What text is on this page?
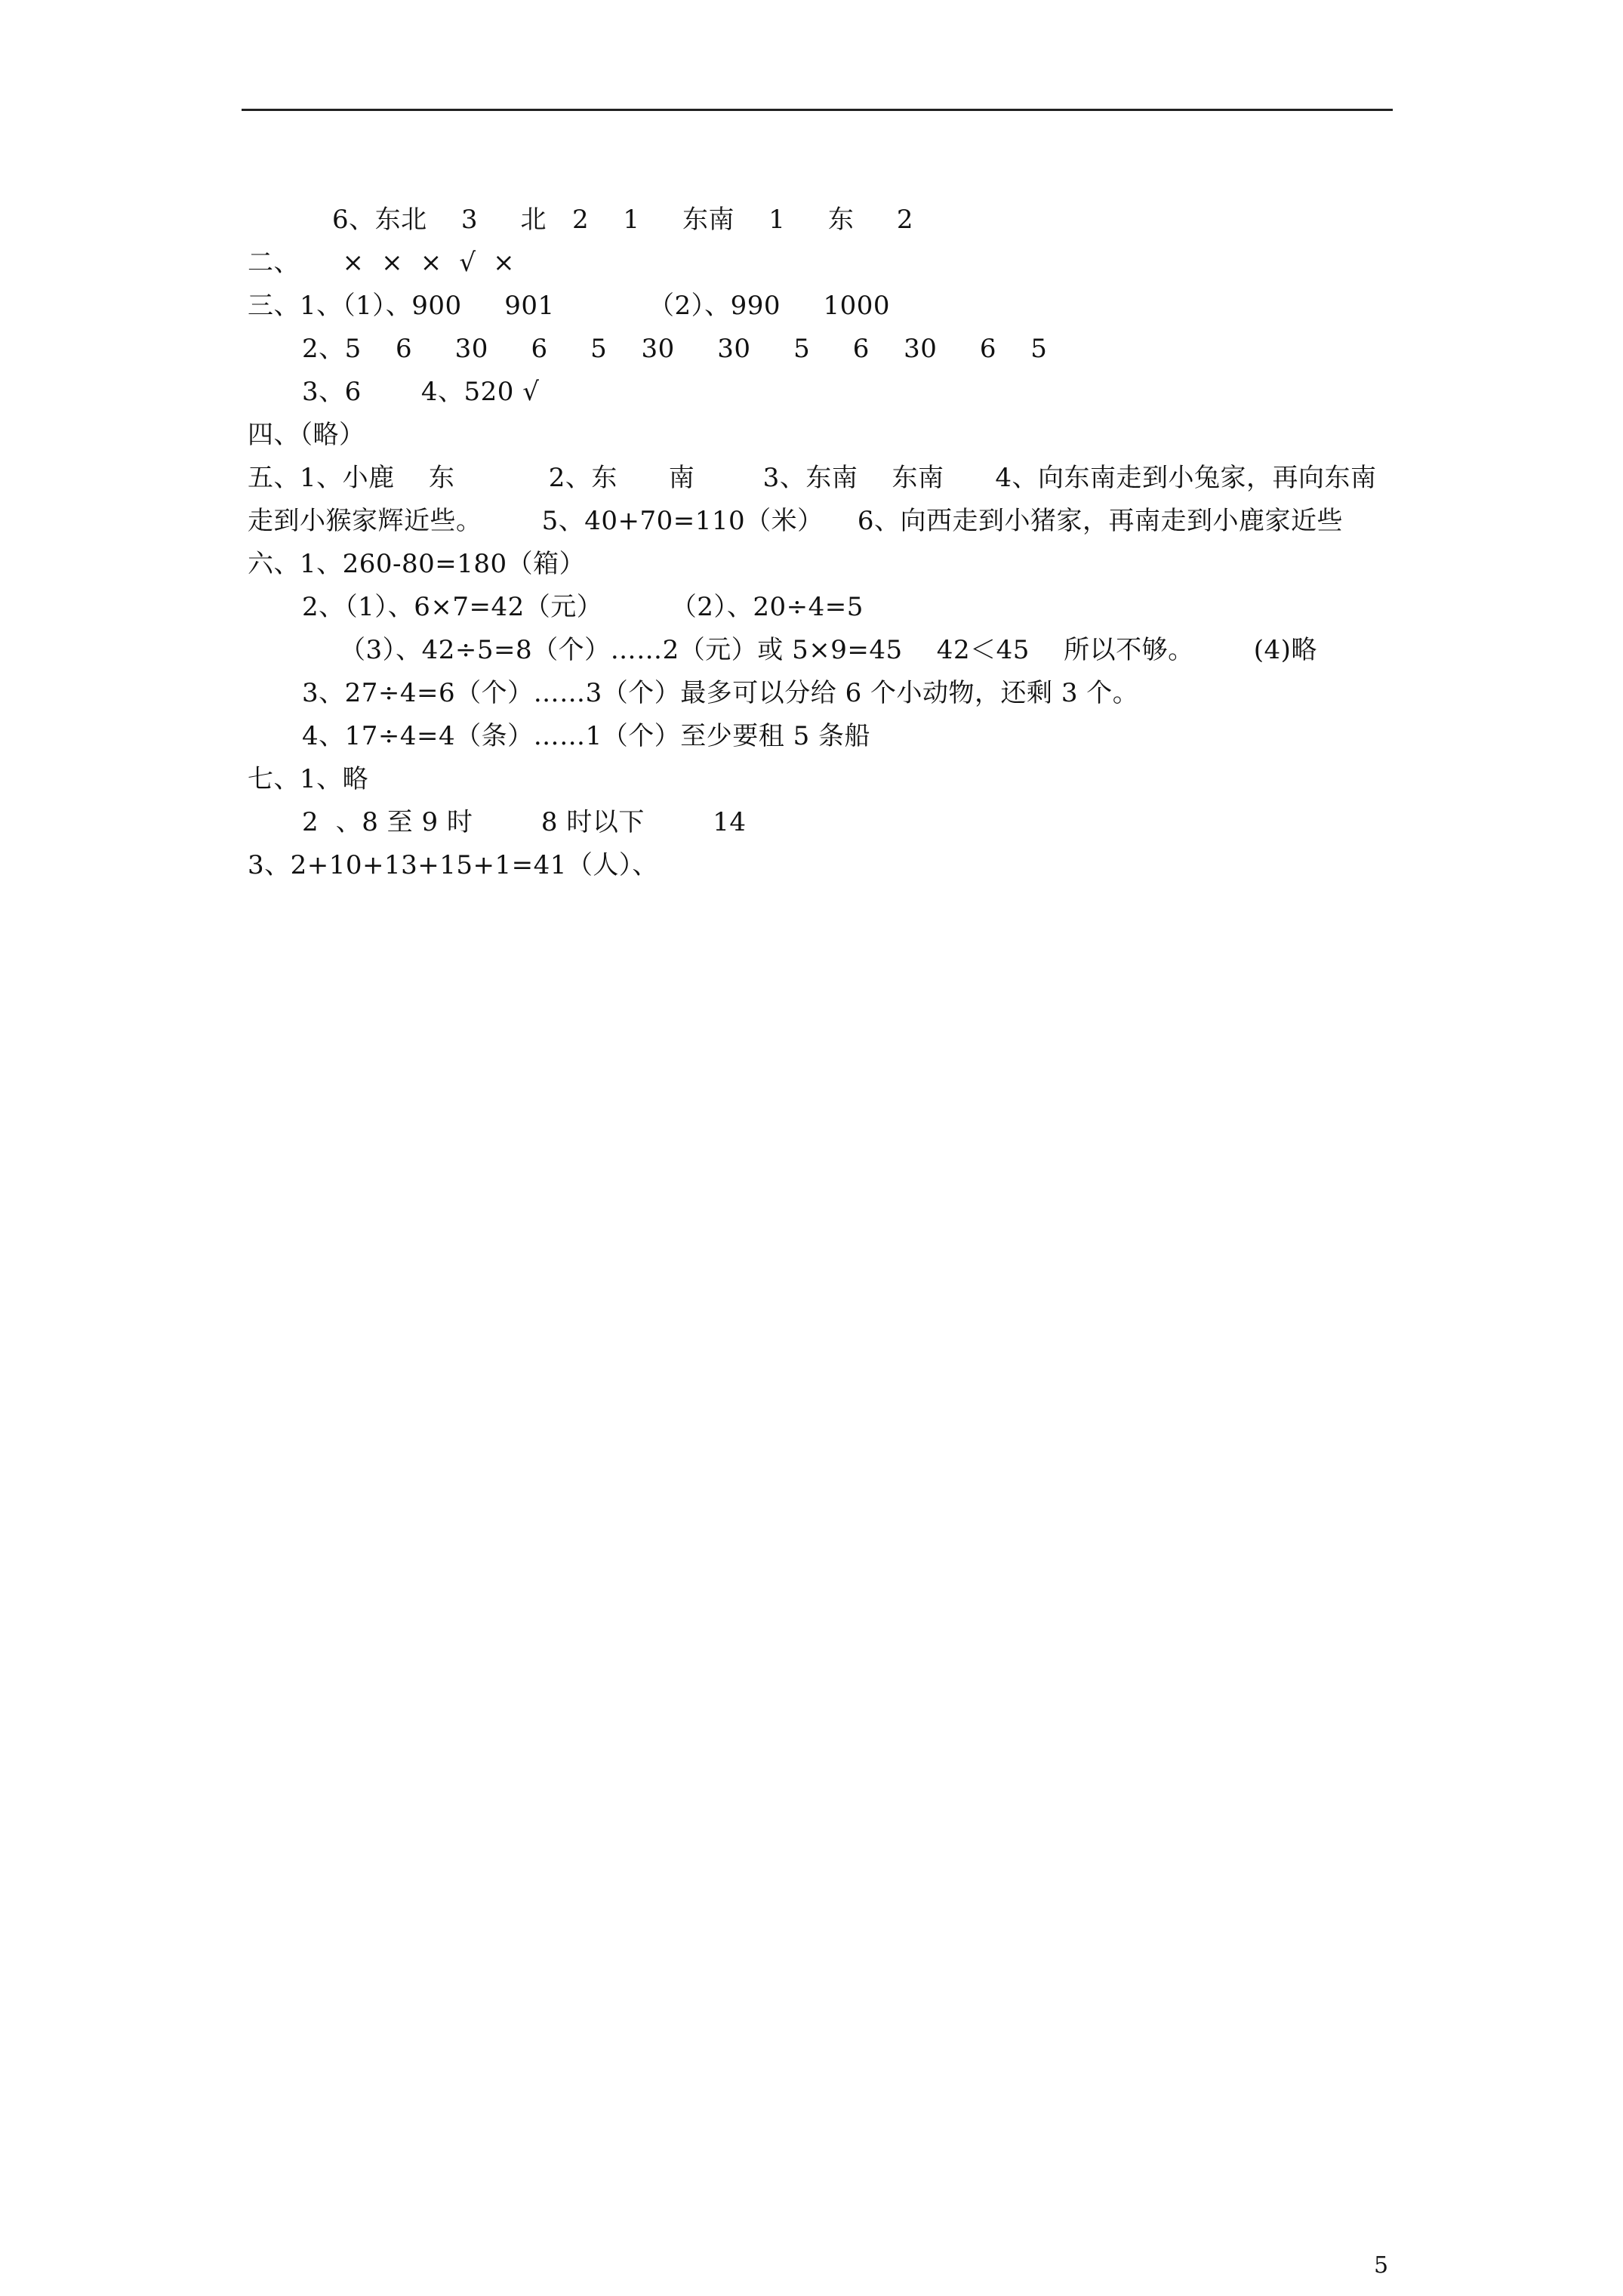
6、东北    3     北   2    1     东南    1     东     2
二、     ×  ×  ×  √  ×
三、1、（1）、900     901           （2）、990     1000
2、5    6     30     6     5    30     30     5     6    30     6    5
3、6       4、520 √
四、（略）
五、1、小鹿    东           2、东      南        3、东南    东南      4、向东南走到小兔家，再向东南
走到小猴家辉近些。       5、40+70=110（米）    6、向西走到小猪家，再南走到小鹿家近些
六、1、260-80=180（箱）
2、（1）、6×7=42（元）        （2）、20÷4=5
（3）、42÷5=8（个）……2（元）或 5×9=45    42＜45    所以不够。       (4)略
3、27÷4=6（个）……3（个）最多可以分给 6 个小动物，还剩 3 个。
4、17÷4=4（条）……1（个）至少要租 5 条船
七、1、略
2  、8 至 9 时        8 时以下        14
3、2+10+13+15+1=41（人）、
5
